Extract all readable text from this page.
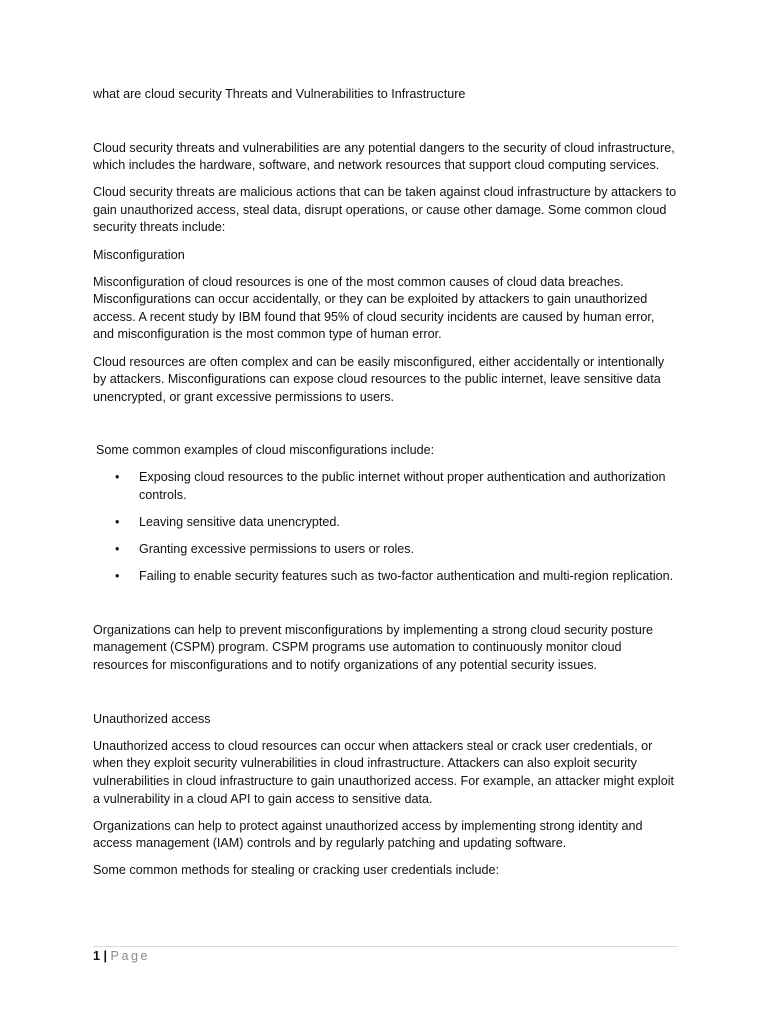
what are cloud security Threats and Vulnerabilities to Infrastructure

Cloud security threats and vulnerabilities are any potential dangers to the security of cloud infrastructure, which includes the hardware, software, and network resources that support cloud computing services.

Cloud security threats are malicious actions that can be taken against cloud infrastructure by attackers to gain unauthorized access, steal data, disrupt operations, or cause other damage. Some common cloud security threats include:

Misconfiguration

Misconfiguration of cloud resources is one of the most common causes of cloud data breaches. Misconfigurations can occur accidentally, or they can be exploited by attackers to gain unauthorized access. A recent study by IBM found that 95% of cloud security incidents are caused by human error, and misconfiguration is the most common type of human error.

Cloud resources are often complex and can be easily misconfigured, either accidentally or intentionally by attackers. Misconfigurations can expose cloud resources to the public internet, leave sensitive data unencrypted, or grant excessive permissions to users.

Some common examples of cloud misconfigurations include:

• Exposing cloud resources to the public internet without proper authentication and authorization controls.
• Leaving sensitive data unencrypted.
• Granting excessive permissions to users or roles.
• Failing to enable security features such as two-factor authentication and multi-region replication.

Organizations can help to prevent misconfigurations by implementing a strong cloud security posture management (CSPM) program. CSPM programs use automation to continuously monitor cloud resources for misconfigurations and to notify organizations of any potential security issues.

Unauthorized access

Unauthorized access to cloud resources can occur when attackers steal or crack user credentials, or when they exploit security vulnerabilities in cloud infrastructure. Attackers can also exploit security vulnerabilities in cloud infrastructure to gain unauthorized access. For example, an attacker might exploit a vulnerability in a cloud API to gain access to sensitive data.

Organizations can help to protect against unauthorized access by implementing strong identity and access management (IAM) controls and by regularly patching and updating software.

Some common methods for stealing or cracking user credentials include:

1 | Page
